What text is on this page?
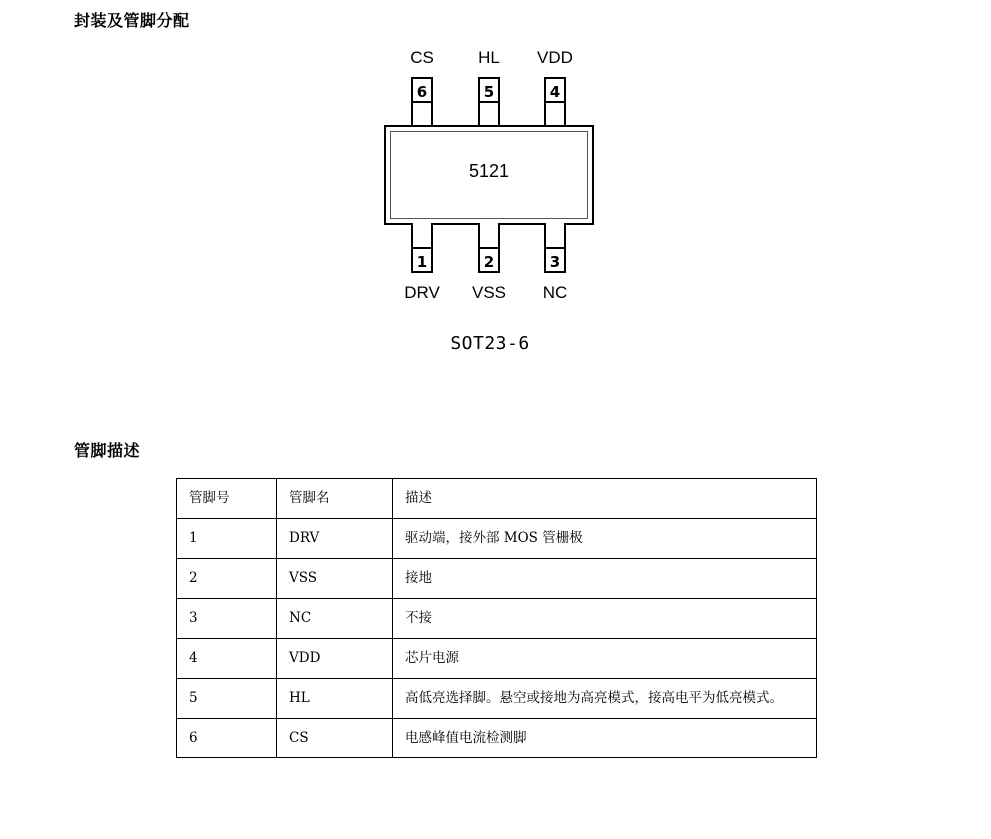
封装及管脚分配
CS	HL	VDD
6	5	4
5121
1	2	3
DRV	VSS	NC
SOT23-6
管脚描述
管脚号	管脚名	描述
1	DRV	驱动端，接外部 MOS 管栅极
2	VSS	接地
3	NC	不接
4	VDD	芯片电源
5	HL	高低亮选择脚。悬空或接地为高亮模式，接高电平为低亮模式。
6	CS	电感峰值电流检测脚
